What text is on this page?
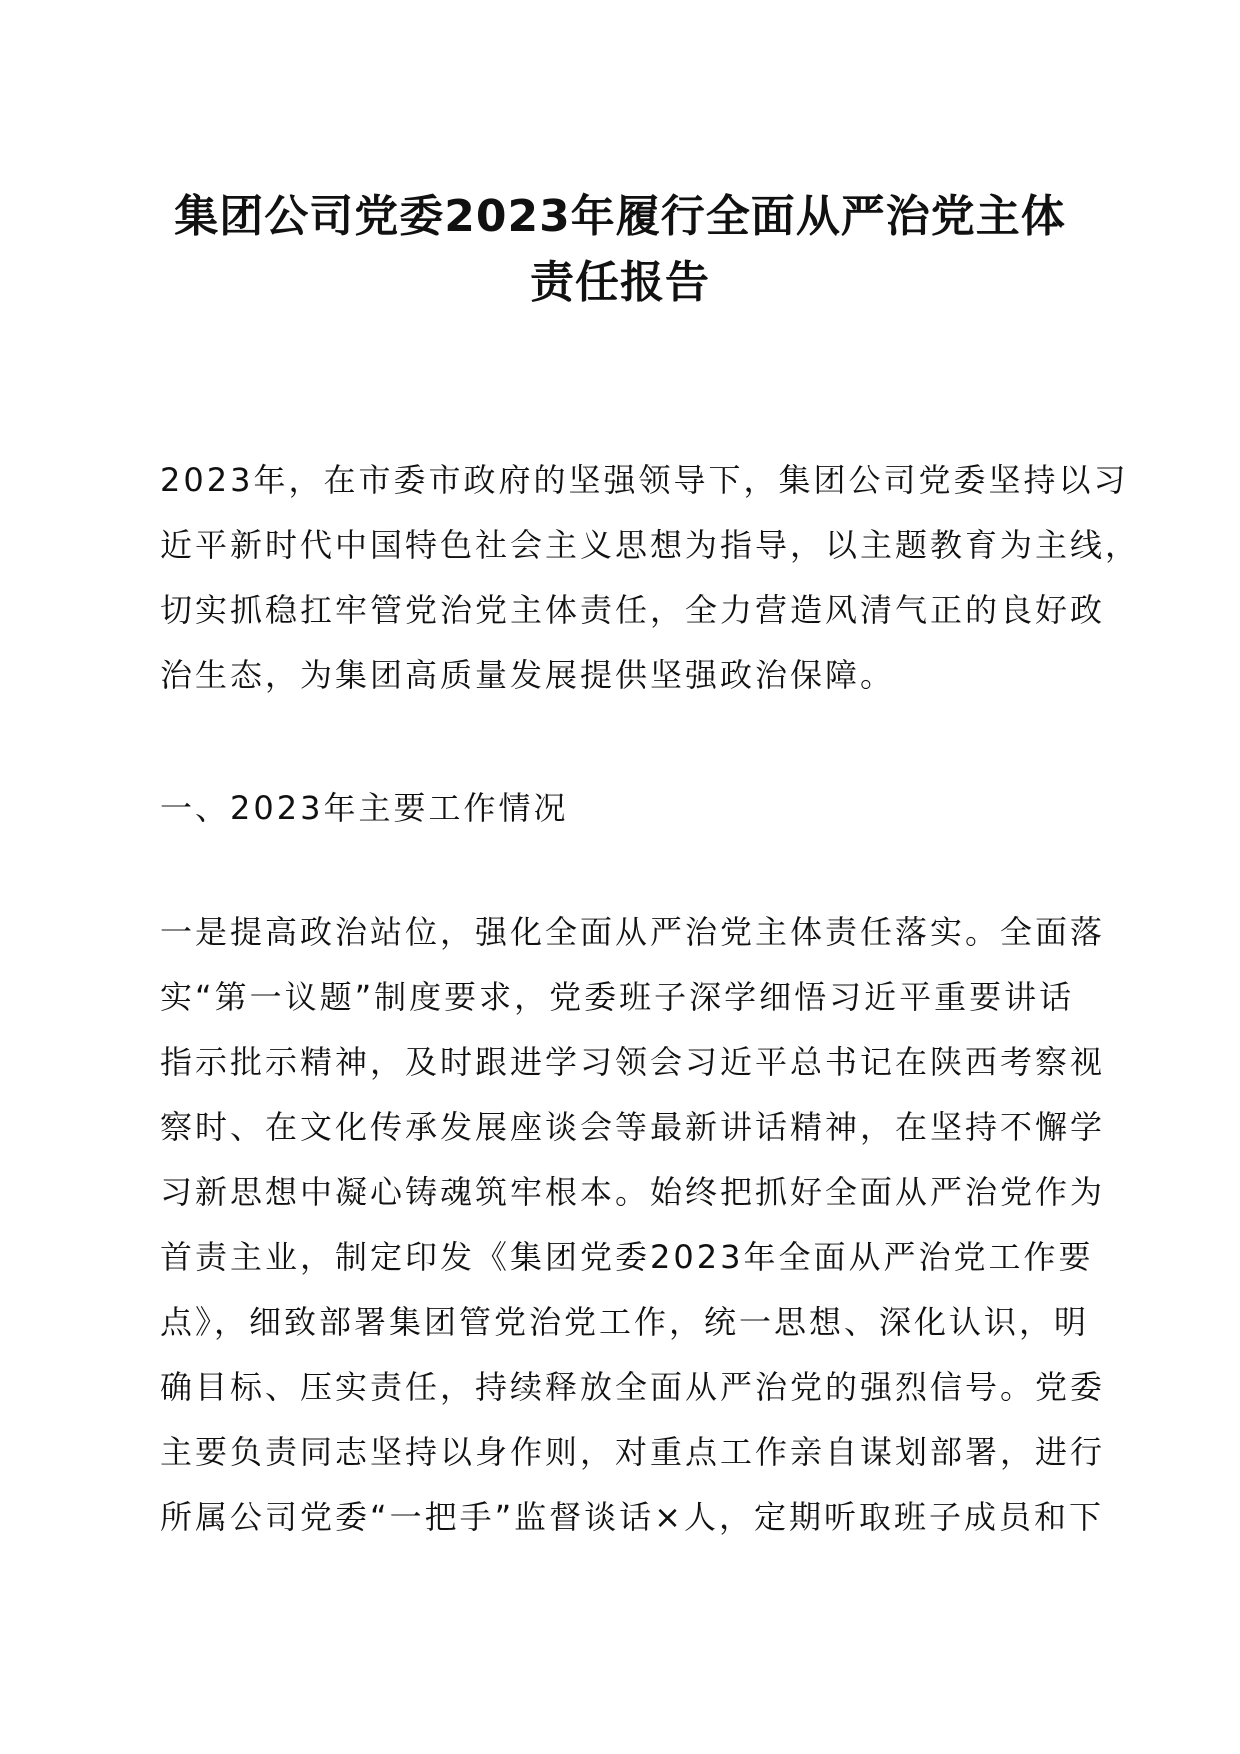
集团公司党委2023年履行全面从严治党主体
责任报告

2023年，在市委市政府的坚强领导下，集团公司党委坚持以习
近平新时代中国特色社会主义思想为指导，以主题教育为主线，
切实抓稳扛牢管党治党主体责任，全力营造风清气正的良好政
治生态，为集团高质量发展提供坚强政治保障。

一、2023年主要工作情况

一是提高政治站位，强化全面从严治党主体责任落实。全面落
实“第一议题”制度要求，党委班子深学细悟习近平重要讲话
指示批示精神，及时跟进学习领会习近平总书记在陕西考察视
察时、在文化传承发展座谈会等最新讲话精神，在坚持不懈学
习新思想中凝心铸魂筑牢根本。始终把抓好全面从严治党作为
首责主业，制定印发《集团党委2023年全面从严治党工作要
点》，细致部署集团管党治党工作，统一思想、深化认识，明
确目标、压实责任，持续释放全面从严治党的强烈信号。党委
主要负责同志坚持以身作则，对重点工作亲自谋划部署，进行
所属公司党委“一把手”监督谈话×人，定期听取班子成员和下
